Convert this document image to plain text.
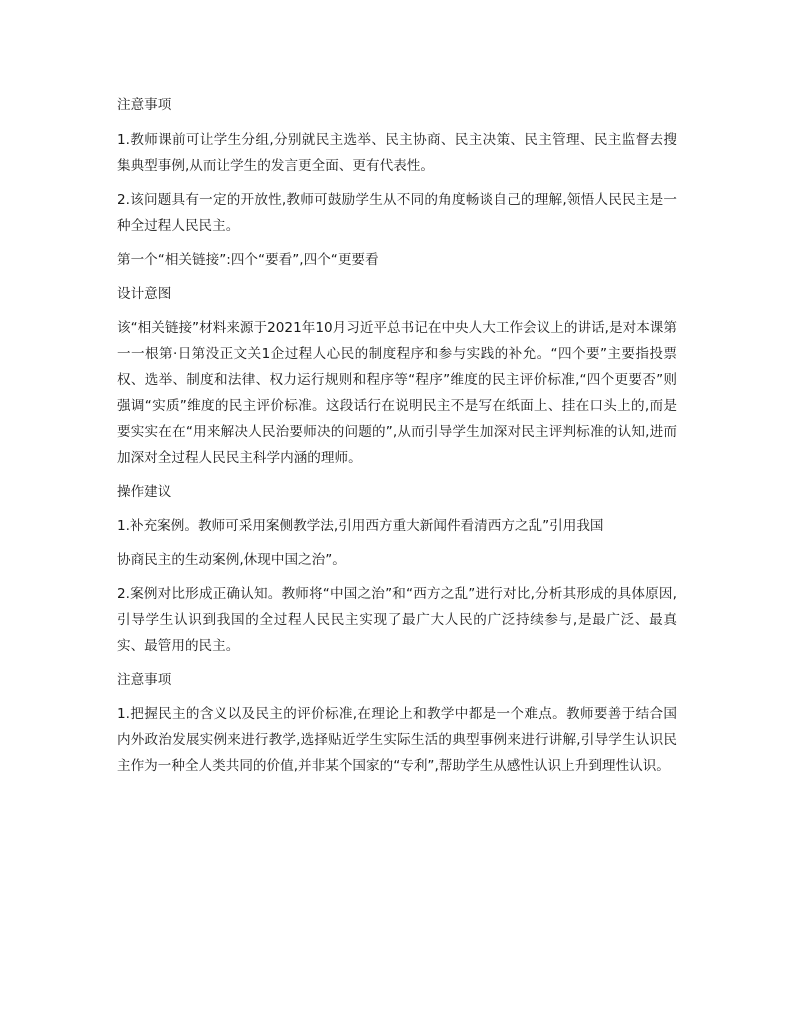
注意事项

1.教师课前可让学生分组,分别就民主选举、民主协商、民主决策、民主管理、民主监督去搜集典型事例,从而让学生的发言更全面、更有代表性。

2.该问题具有一定的开放性,教师可鼓励学生从不同的角度畅谈自己的理解,领悟人民民主是一种全过程人民民主。

第一个“相关链接”:四个“要看”,四个“更要看

设计意图

该“相关链接”材料来源于2021年10月习近平总书记在中央人大工作会议上的讲话,是对本课第一一根第·日第没正文关1企过程人心民的制度程序和参与实践的补允。“四个要”主要指投票权、选举、制度和法律、权力运行规则和程序等“程序”维度的民主评价标准,“四个更要否”则强调“实质”维度的民主评价标准。这段话行在说明民主不是写在纸面上、挂在口头上的,而是要实实在在“用来解决人民治要师决的问题的”,从而引导学生加深对民主评判标准的认知,进而加深对全过程人民民主科学内涵的理师。

操作建议

1.补充案例。教师可采用案侧教学法,引用西方重大新闻件看清西方之乱”引用我国

协商民主的生动案例,休现中国之治”。

2.案例对比形成正确认知。教师将“中国之治”和“西方之乱”进行对比,分析其形成的具体原因,引导学生认识到我国的全过程人民民主实现了最广大人民的广泛持续参与,是最广泛、最真实、最管用的民主。

注意事项

1.把握民主的含义以及民主的评价标准,在理论上和教学中都是一个难点。教师要善于结合国内外政治发展实例来进行教学,选择贴近学生实际生活的典型事例来进行讲解,引导学生认识民主作为一种全人类共同的价值,并非某个国家的“专利”,帮助学生从感性认识上升到理性认识。
